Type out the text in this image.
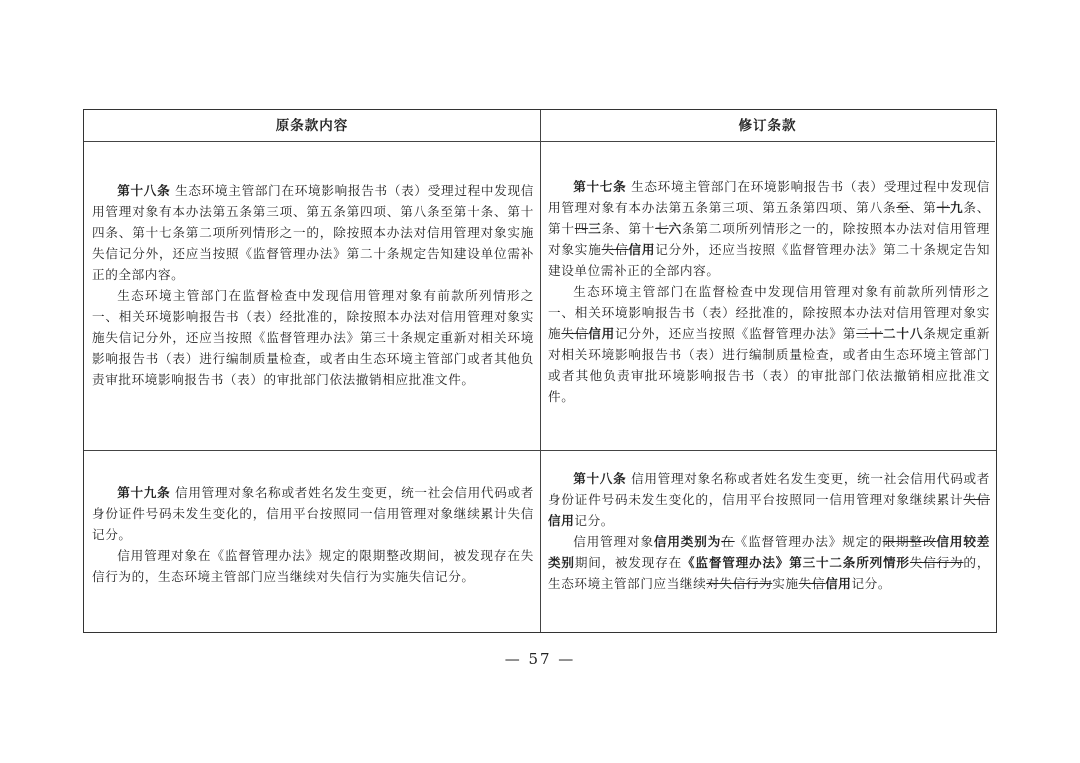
原条款内容	修订条款

第十八条 生态环境主管部门在环境影响报告书（表）受理过程中发现信用管理对象有本办法第五条第三项、第五条第四项、第八条至第十条、第十四条、第十七条第二项所列情形之一的，除按照本办法对信用管理对象实施失信记分外，还应当按照《监督管理办法》第二十条规定告知建设单位需补正的全部内容。

生态环境主管部门在监督检查中发现信用管理对象有前款所列情形之一、相关环境影响报告书（表）经批准的，除按照本办法对信用管理对象实施失信记分外，还应当按照《监督管理办法》第三十条规定重新对相关环境影响报告书（表）进行编制质量检查，或者由生态环境主管部门或者其他负责审批环境影响报告书（表）的审批部门依法撤销相应批准文件。

第十七条 生态环境主管部门在环境影响报告书（表）受理过程中发现信用管理对象有本办法第五条第三项、第五条第四项、第八条至、第十九条、第十四三条、第十七六条第二项所列情形之一的，除按照本办法对信用管理对象实施失信信用记分外，还应当按照《监督管理办法》第二十条规定告知建设单位需补正的全部内容。

生态环境主管部门在监督检查中发现信用管理对象有前款所列情形之一、相关环境影响报告书（表）经批准的，除按照本办法对信用管理对象实施失信信用记分外，还应当按照《监督管理办法》第三十二十八条规定重新对相关环境影响报告书（表）进行编制质量检查，或者由生态环境主管部门或者其他负责审批环境影响报告书（表）的审批部门依法撤销相应批准文件。

第十九条 信用管理对象名称或者姓名发生变更，统一社会信用代码或者身份证件号码未发生变化的，信用平台按照同一信用管理对象继续累计失信记分。

信用管理对象在《监督管理办法》规定的限期整改期间，被发现存在失信行为的，生态环境主管部门应当继续对失信行为实施失信记分。

第十八条 信用管理对象名称或者姓名发生变更，统一社会信用代码或者身份证件号码未发生变化的，信用平台按照同一信用管理对象继续累计失信信用记分。

信用管理对象信用类别为在《监督管理办法》规定的限期整改信用较差类别期间，被发现存在《监督管理办法》第三十二条所列情形失信行为的，生态环境主管部门应当继续对失信行为实施失信信用记分。

— 57 —
